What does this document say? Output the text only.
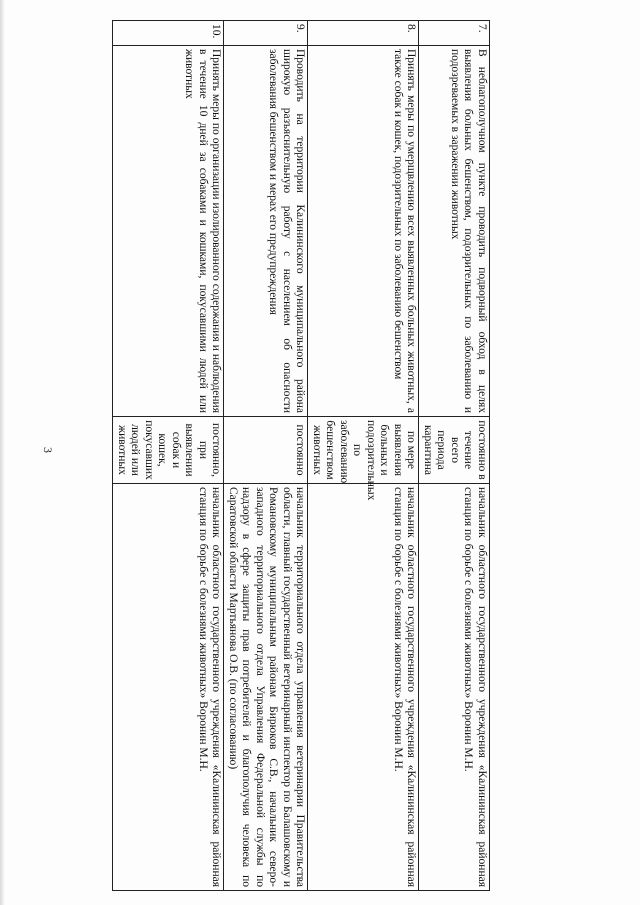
3
7.	В неблагополучном пункте проводить подворный обход в целях выявления больных бешенством, подозрительных по заболеванию и подозреваемых в заражении животных	постоянно в течение всего периода карантина	начальник областного государственного учреждения «Калининская районная станция по борьбе с болезнями животных» Воронин М.Н.
8.	Принять меры по умерщвлению всех выявленных больных животных, а также собак и кошек, подозрительных по заболеванию бешенством	по мере выявления больных и подозрительных по заболеванию бешенством животных	начальник областного государственного учреждения «Калининская районная станция по борьбе с болезнями животных» Воронин М.Н.
9.	Проводить на территории Калининского муниципального района широкую разъяснительную работу с населением об опасности заболевания бешенством и мерах его предупреждения	постоянно	начальник территориального отдела управления ветеринарии Правительства области, главный государственный ветеринарный инспектор по Балашовскому и Романовскому муниципальным районам Бирюков С.В., начальник северо-западного территориального отдела Управления Федеральной службы по надзору в сфере защиты прав потребителей и благополучия человека по Саратовской области Мартьянова О.В. (по согласованию)
10.	Принять меры по организации изолированного содержания и наблюдения в течение 10 дней за собаками и кошками, покусавшими людей или животных	постоянно, при выявлении собак и кошек, покусавших людей или животных	начальник областного государственного учреждения «Калининская районная станция по борьбе с болезнями животных» Воронин М.Н.
